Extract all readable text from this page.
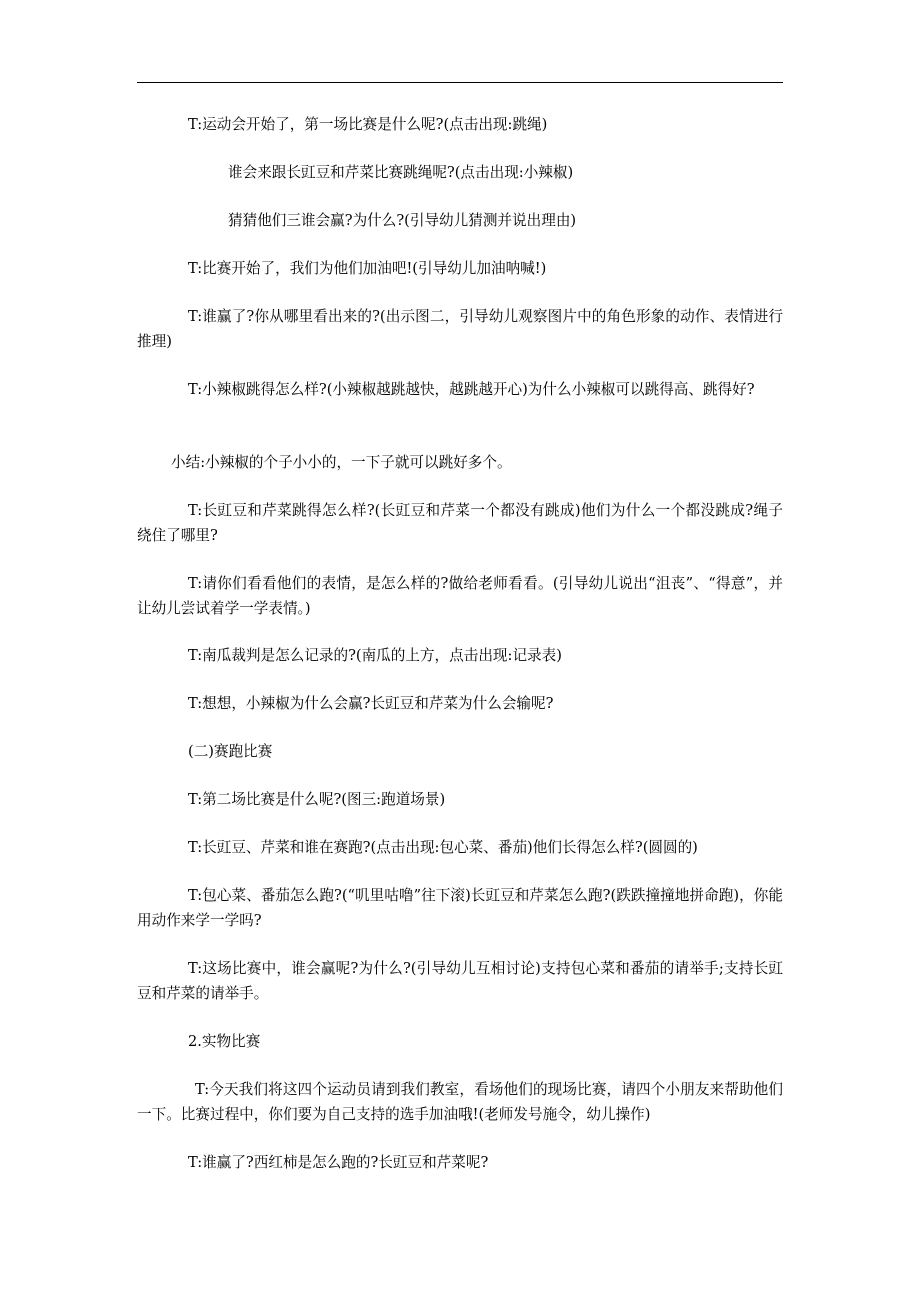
T:运动会开始了，第一场比赛是什么呢?(点击出现:跳绳)

谁会来跟长豇豆和芹菜比赛跳绳呢?(点击出现:小辣椒)

猜猜他们三谁会赢?为什么?(引导幼儿猜测并说出理由)

T:比赛开始了，我们为他们加油吧!(引导幼儿加油呐喊!)

T:谁赢了?你从哪里看出来的?(出示图二，引导幼儿观察图片中的角色形象的动作、表情进行推理)

T:小辣椒跳得怎么样?(小辣椒越跳越快，越跳越开心)为什么小辣椒可以跳得高、跳得好?

小结:小辣椒的个子小小的，一下子就可以跳好多个。

T:长豇豆和芹菜跳得怎么样?(长豇豆和芹菜一个都没有跳成)他们为什么一个都没跳成?绳子绕住了哪里?

T:请你们看看他们的表情，是怎么样的?做给老师看看。(引导幼儿说出“沮丧”、“得意”，并让幼儿尝试着学一学表情。)

T:南瓜裁判是怎么记录的?(南瓜的上方，点击出现:记录表)

T:想想，小辣椒为什么会赢?长豇豆和芹菜为什么会输呢?

(二)赛跑比赛

T:第二场比赛是什么呢?(图三:跑道场景)

T:长豇豆、芹菜和谁在赛跑?(点击出现:包心菜、番茄)他们长得怎么样?(圆圆的)

T:包心菜、番茄怎么跑?(“叽里咕噜”往下滚)长豇豆和芹菜怎么跑?(跌跌撞撞地拼命跑)，你能用动作来学一学吗?

T:这场比赛中，谁会赢呢?为什么?(引导幼儿互相讨论)支持包心菜和番茄的请举手;支持长豇豆和芹菜的请举手。

2.实物比赛

T:今天我们将这四个运动员请到我们教室，看场他们的现场比赛，请四个小朋友来帮助他们一下。比赛过程中，你们要为自己支持的选手加油哦!(老师发号施令，幼儿操作)

T:谁赢了?西红柿是怎么跑的?长豇豆和芹菜呢?
